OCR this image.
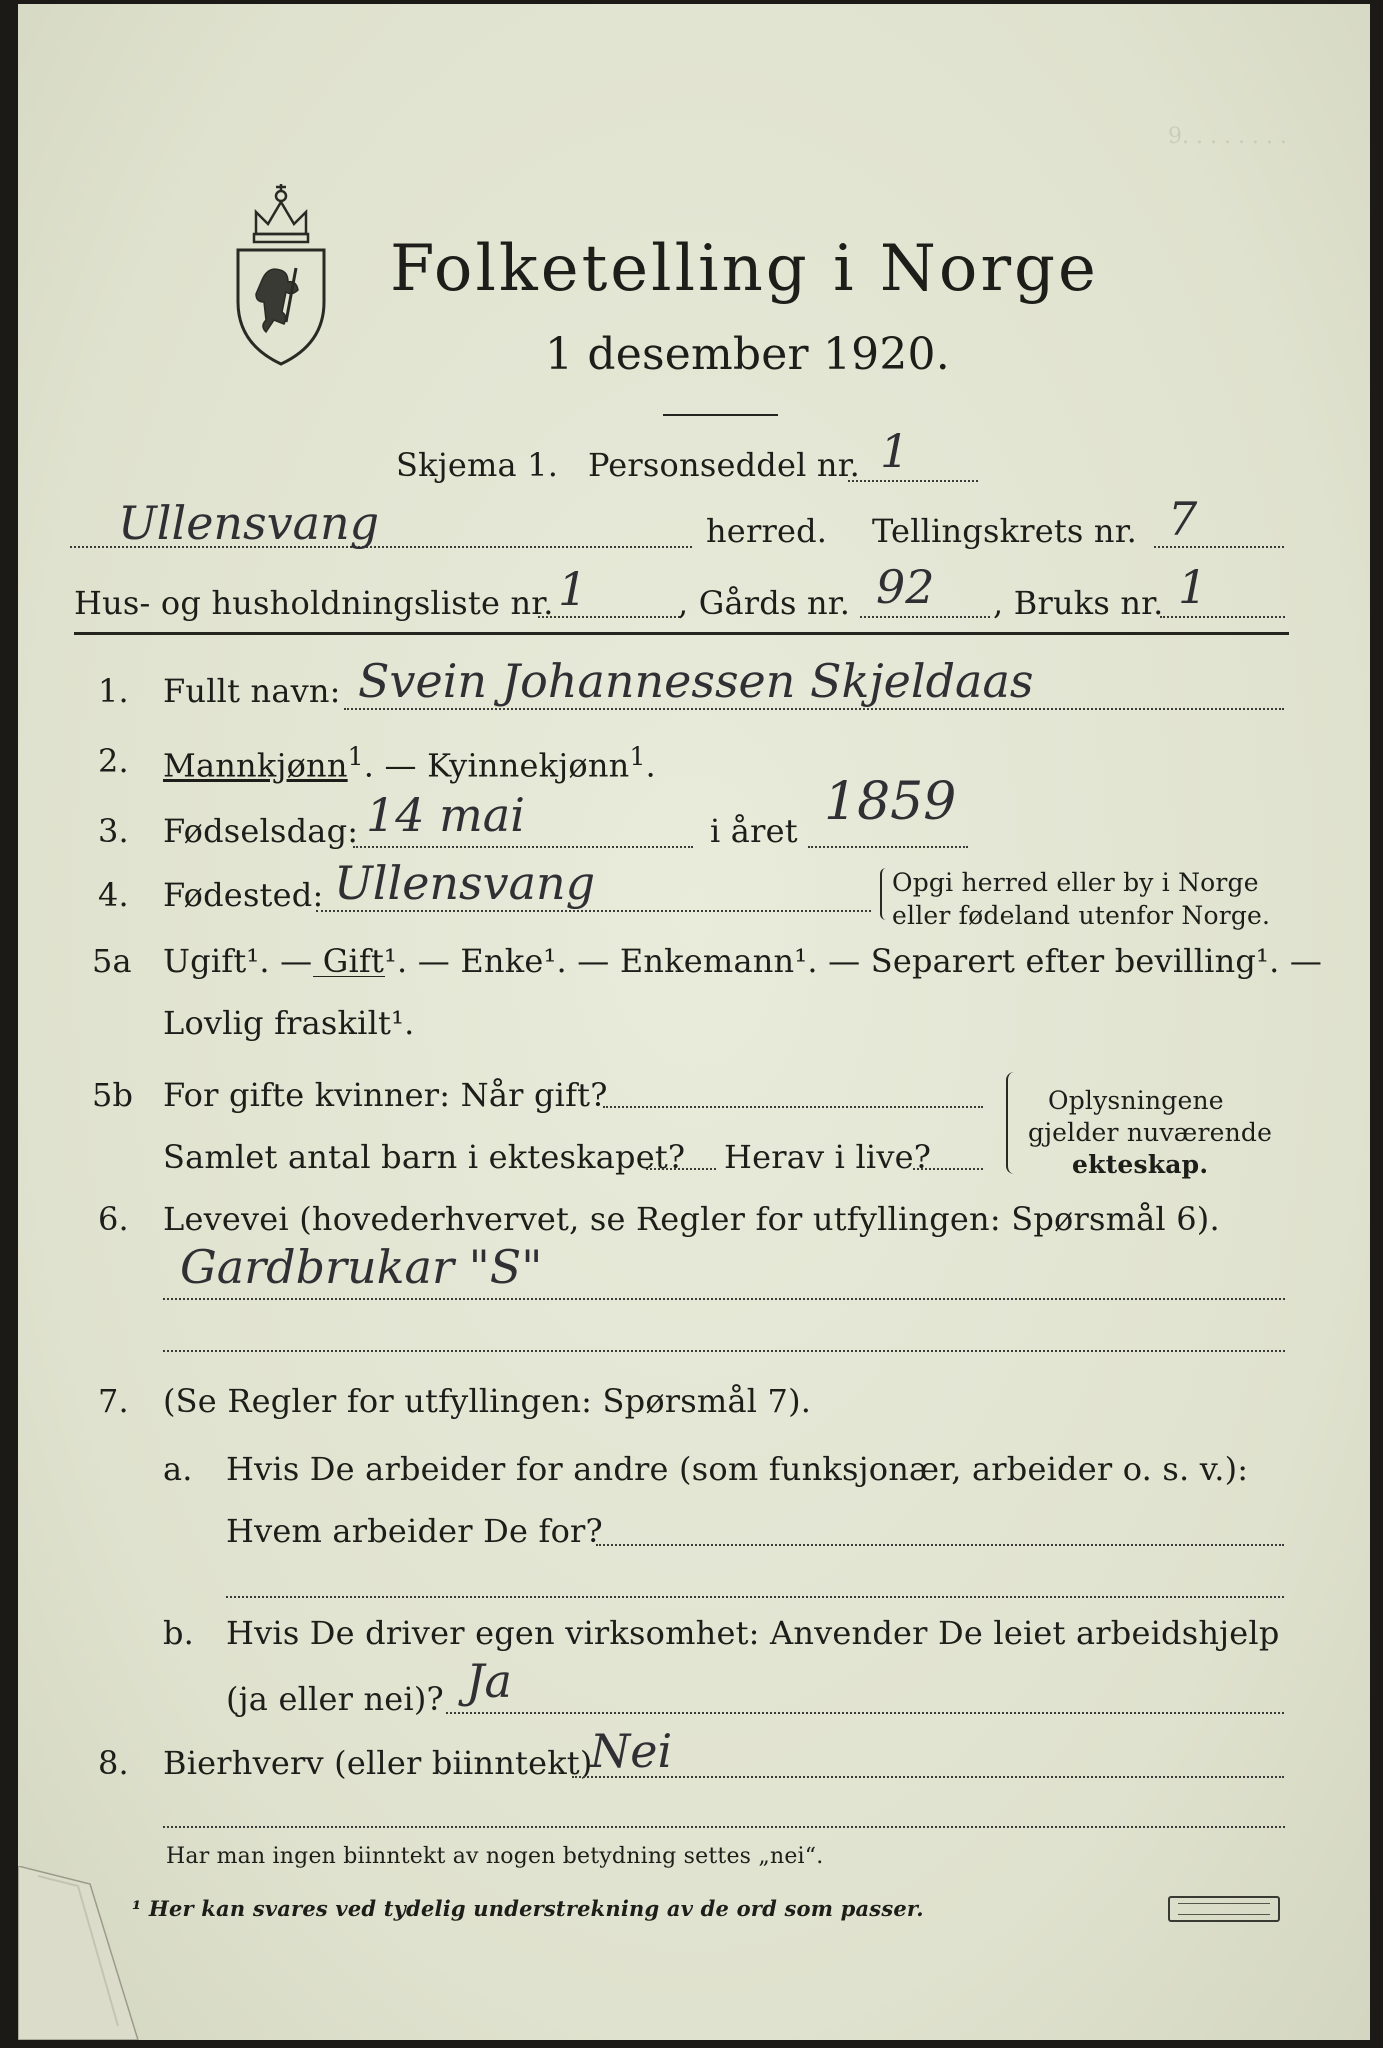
9. . . . . . . .
Folketelling i Norge
1 desember 1920.
Skjema 1. Personseddel nr. 1
Ullensvang	herred. Tellingskrets nr. 7
Hus- og husholdningsliste nr. 1	, Gårds nr. 92 , Bruks nr. 1
1. Fullt navn: Svein Johannessen Skjeldaas
2. Mannkjønn$^1$. — Kyinnekjønn$^1$.
3. Fødselsdag: 14 mai	i året 1859
4. Fødested: Ullensvang	Opgi herred eller by i Norge
eller fødeland utenfor Norge.
5a Ugift¹. — Gift¹. — Enke¹. — Enkemann¹. — Separert efter bevilling¹. —
Lovlig fraskilt¹.
5b For gifte kvinner: Når gift?
Samlet antal barn i ekteskapet? Herav i live?
Oplysningene
gjelder nuværende
ekteskap.
6. Levevei (hovederhvervet, se Regler for utfyllingen: Spørsmål 6).
Gardbrukar "S"
7. (Se Regler for utfyllingen: Spørsmål 7).
a. Hvis De arbeider for andre (som funksjonær, arbeider o. s. v.):
Hvem arbeider De for?
b. Hvis De driver egen virksomhet: Anvender De leiet arbeidshjelp
(ja eller nei)? Ja
8. Bierhverv (eller biinntekt)
Nei
Har man ingen biinntekt av nogen betydning settes „nei“.
¹ Her kan svares ved tydelig understrekning av de ord som passer.
